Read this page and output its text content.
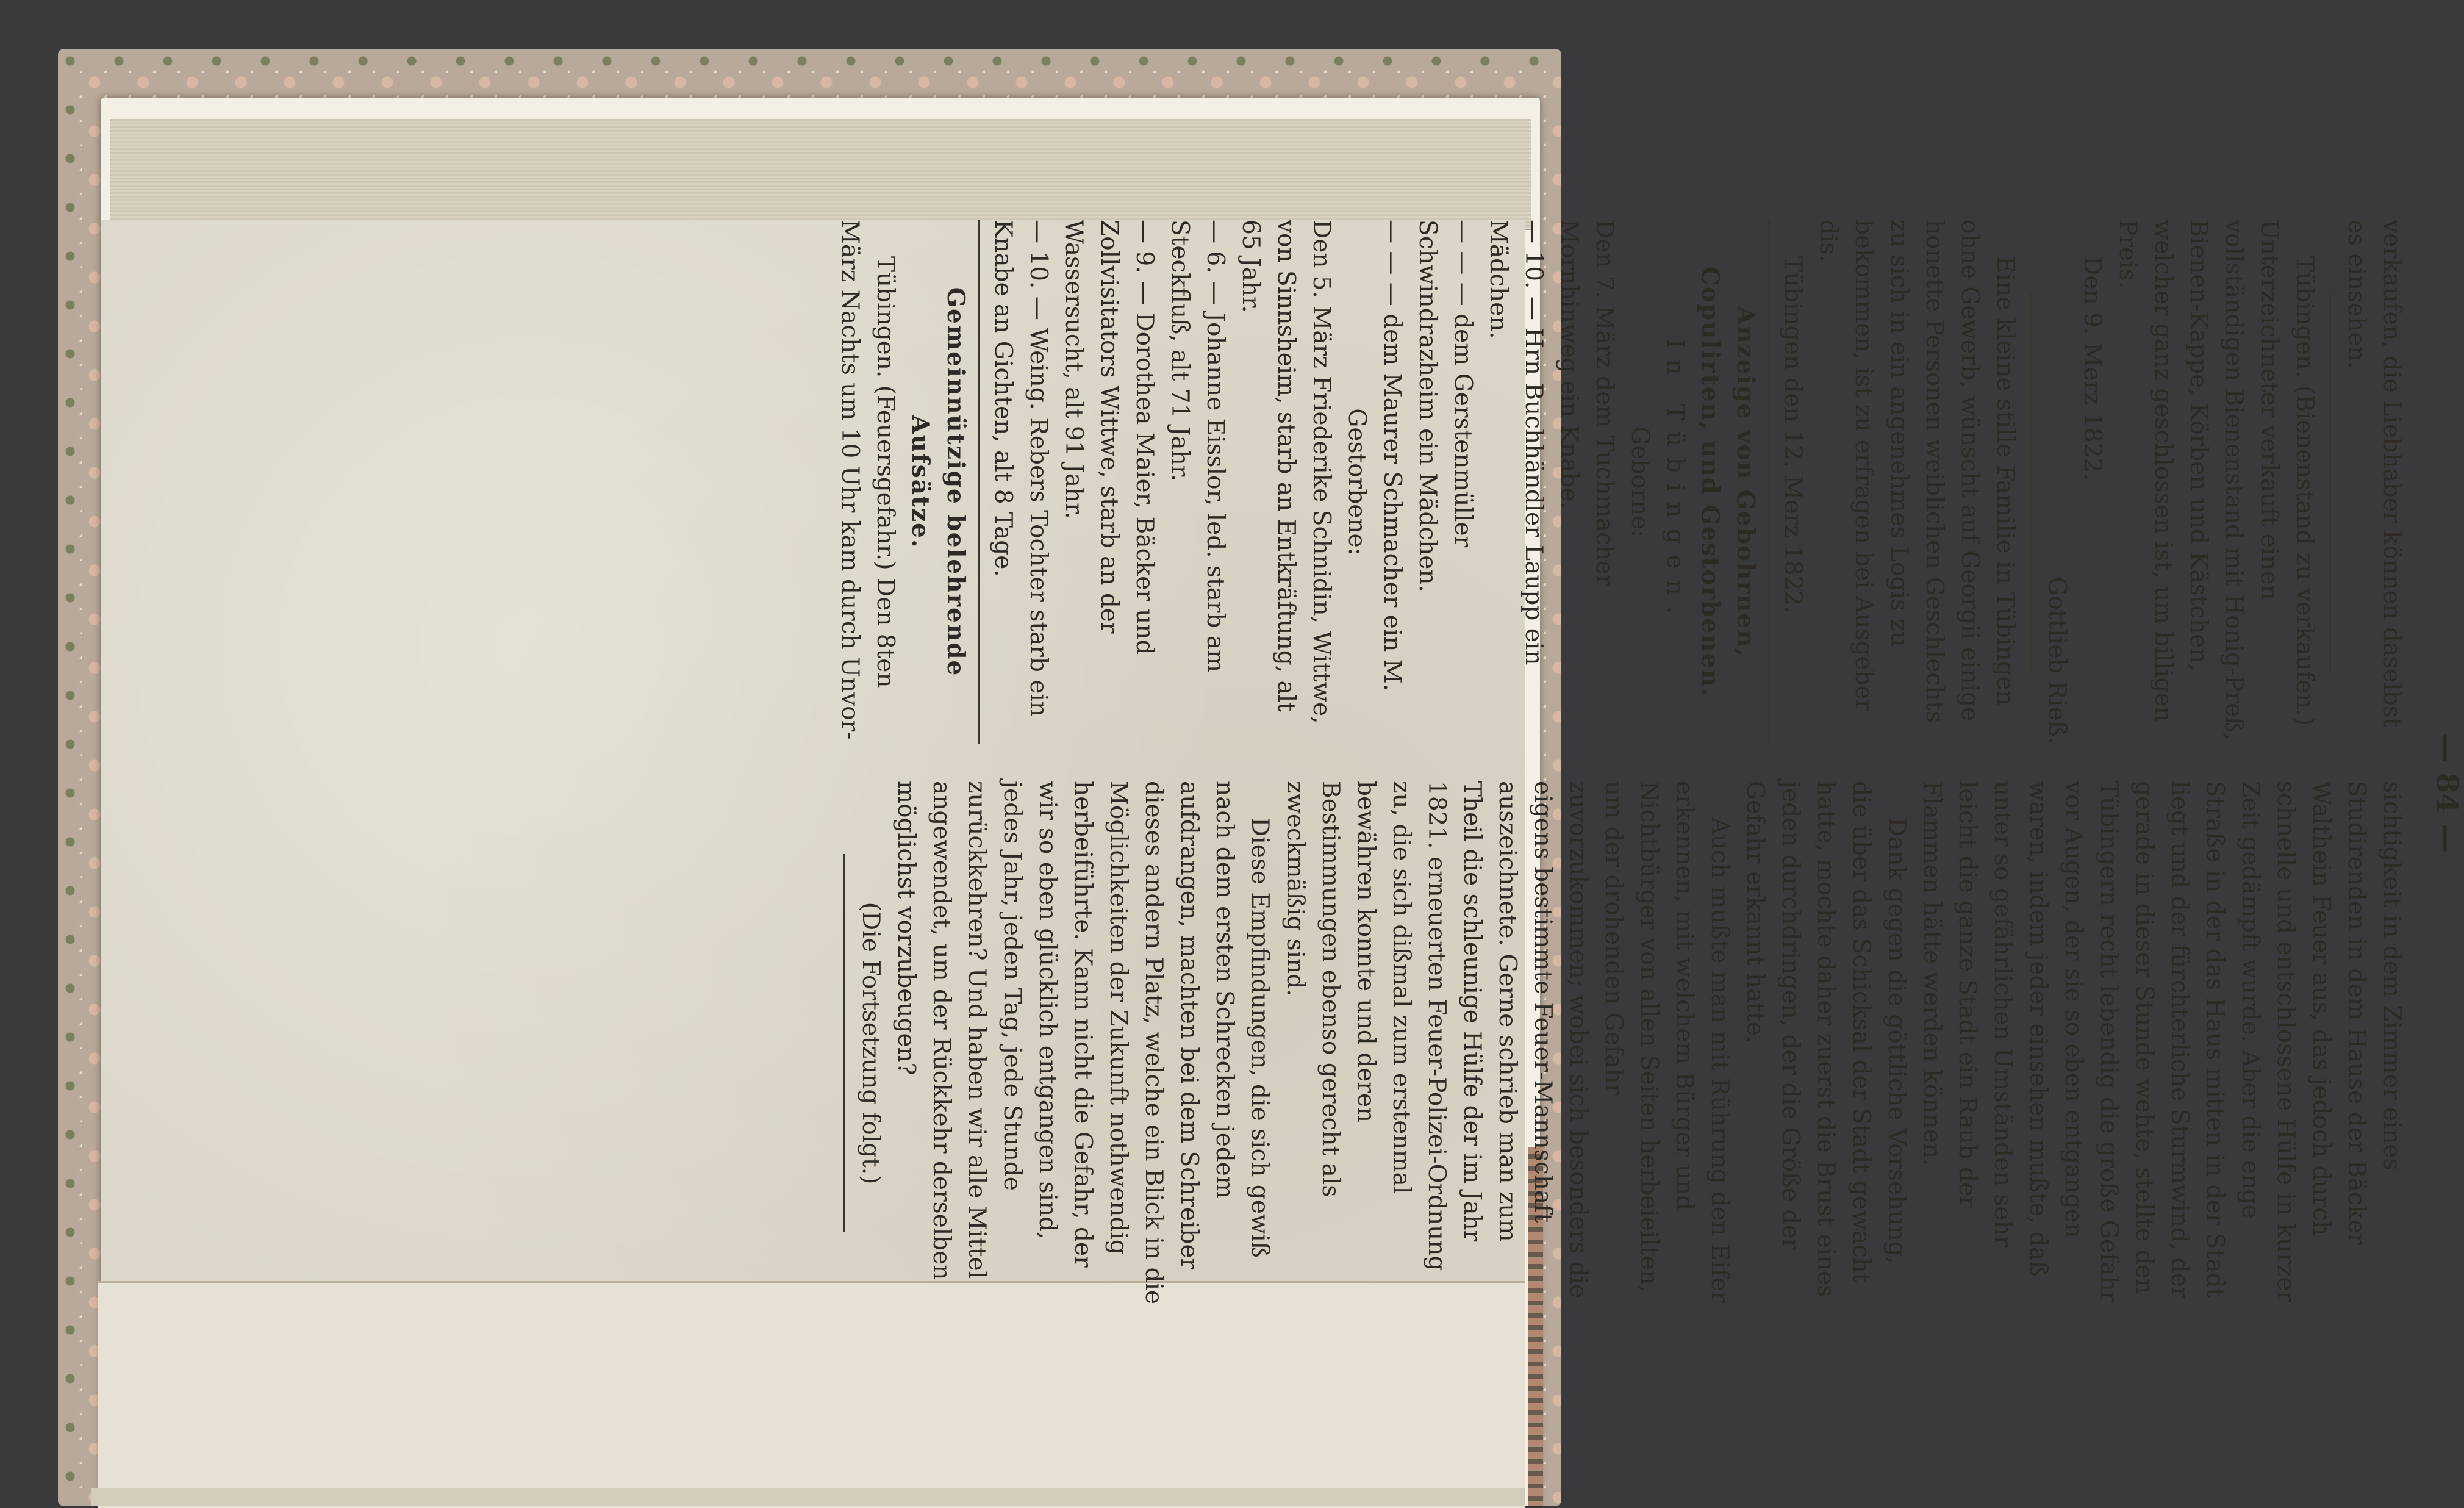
— 84 —

verkaufen, die Liebhaber können daselbst es einsehen.

Tübingen. (Bienenstand zu verkaufen.) Unterzeichneter verkauft einen vollständigen Bienenstand mit Honig-Preß, Bienen-Kappe, Körben und Kästchen, welcher ganz geschlossen ist, um billigen Preis.

Den 9. Merz 1822.

Gottlieb Rieß.

Eine kleine stille Familie in Tübingen ohne Gewerb, wünscht auf Georgii einige honette Personen weiblichen Geschlechts zu sich in ein angenehmes Logis zu bekommen, ist zu erfragen bei Ausgeber dis.

Tübingen den 12. Merz 1822.

Anzeige von Gebohrnen, Copulirten, und Gestorbenen.

In Tübingen.

Geborne:

Den 7. März dem Tuchmacher Mornhinweg ein Knabe.

— 10. — Hrn Buchhändler Laupp ein Mädchen.

— — — dem Gerstenmüller Schwindrazheim ein Mädchen.

— — — dem Maurer Schmacher ein M.

Gestorbene:

Den 5. März Friederike Schnidin, Wittwe, von Sinnsheim, starb an Entkräftung, alt 65 Jahr.

— 6. — Johanne Eisslor, led. starb am Steckfluß, alt 71 Jahr.

— 9. — Dorothea Maier, Bäcker und Zollvisitators Wittwe, starb an der Wassersucht, alt 91 Jahr.

— 10. — Weing. Rebers Tochter starb ein Knabe an Gichten, alt 8 Tage.

Gemeinnützige belehrende Aufsätze.

Tübingen. (Feuersgefahr.) Den 8ten März Nachts um 10 Uhr kam durch Unvor-

sichtigkeit in dem Zimmer eines Studirenden in dem Hause der Bäcker Walthein Feuer aus, das jedoch durch schnelle und entschlossene Hülfe in kurzer Zeit gedämpft wurde. Aber die enge Straße in der das Haus mitten in der Stadt liegt und der fürchterliche Sturmwind, der gerade in dieser Stunde wehte, stellte den Tübingern recht lebendig die große Gefahr vor Augen, der sie so eben entgangen waren, indem jeder einsehen mußte, daß unter so gefährlichen Umständen sehr leicht die ganze Stadt ein Raub der Flammen hätte werden können.

Dank gegen die göttliche Vorsehung, die über das Schicksal der Stadt gewacht hatte, mochte daher zuerst die Brust eines jeden durchdringen, der die Größe der Gefahr erkannt hatte.

Auch mußte man mit Rührung den Eifer erkennen, mit welchem Bürger und Nichtbürger von allen Seiten herbeieilten, um der drohenden Gefahr zuvorzukommen; wobei sich besonders die eigens bestimmte Feuer-Mannschaft auszeichnete. Gerne schrieb man zum Theil die schleunige Hülfe der im Jahr 1821. erneuerten Feuer-Polizei-Ordnung zu, die sich dißmal zum erstenmal bewähren konnte und deren Bestimmungen ebenso gerecht als zweckmäßig sind.

Diese Empfindungen, die sich gewiß nach dem ersten Schrecken jedem aufdrangen, machten bei dem Schreiber dieses andern Platz, welche ein Blick in die Möglichkeiten der Zukunft nothwendig herbeiführte. Kann nicht die Gefahr, der wir so eben glücklich entgangen sind, jedes Jahr, jeden Tag, jede Stunde zurückkehren? Und haben wir alle Mittel angewendet, um der Rückkehr derselben möglichst vorzubeugen?

(Die Fortsetzung folgt.)
